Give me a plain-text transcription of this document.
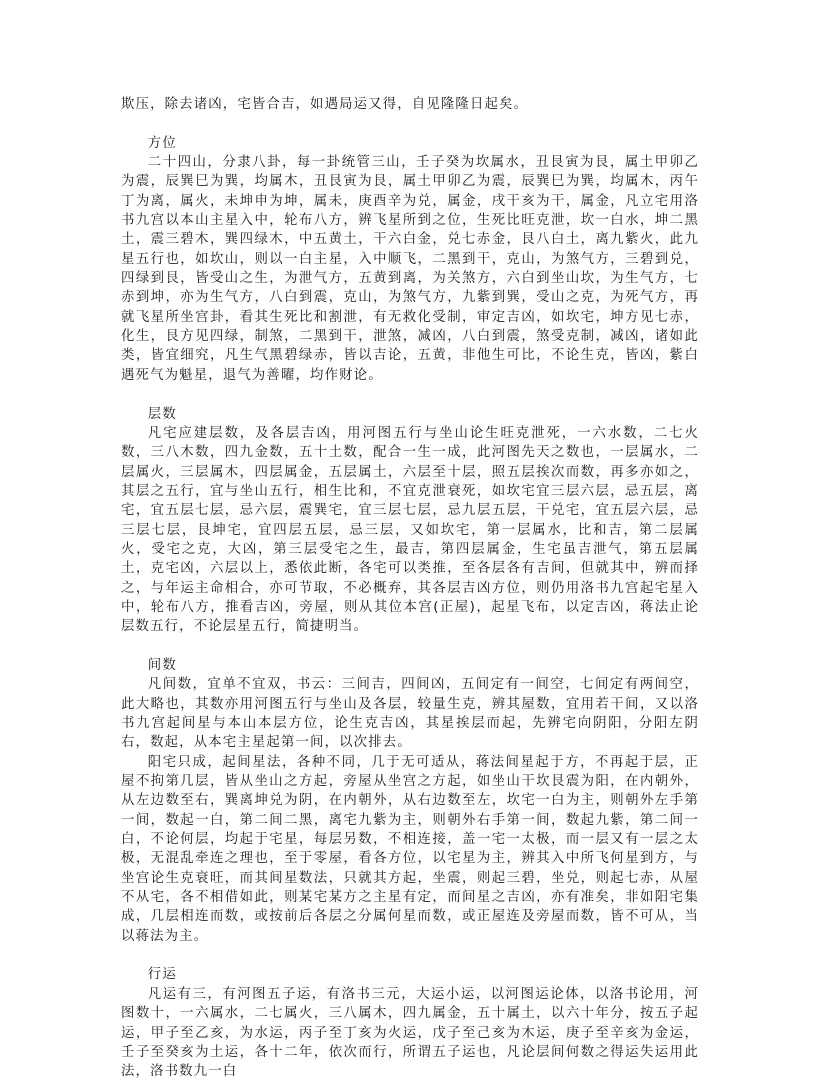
欺压，除去诸凶，宅皆合吉，如遇局运又得，自见隆隆日起矣。

方位

二十四山，分隶八卦，每一卦统管三山，壬子癸为坎属水，丑艮寅为艮，属土甲卯乙为震，辰巽巳为巽，均属木，丑艮寅为艮，属土甲卯乙为震，辰巽巳为巽，均属木，丙午丁为离，属火，未坤申为坤，属未，庚酉辛为兑，属金，戌干亥为干，属金，凡立宅用洛书九宫以本山主星入中，轮布八方，辨飞星所到之位，生死比旺克泄，坎一白水，坤二黑土，震三碧木，巽四绿木，中五黄土，干六白金，兑七赤金，艮八白土，离九紫火，此九星五行也，如坎山，则以一白主星，入中顺飞，二黑到干，克山，为煞气方，三碧到兑，四绿到艮，皆受山之生，为泄气方，五黄到离，为关煞方，六白到坐山坎，为生气方，七赤到坤，亦为生气方，八白到震，克山，为煞气方，九紫到巽，受山之克，为死气方，再就飞星所坐宫卦，看其生死比和割泄，有无救化受制，审定吉凶，如坎宅，坤方见七赤，化生，艮方见四绿，制煞，二黑到干，泄煞，减凶，八白到震，煞受克制，减凶，诸如此类，皆宜细究，凡生气黑碧绿赤，皆以吉论，五黄，非他生可比，不论生克，皆凶，紫白遇死气为魁星，退气为善曜，均作财论。

层数

凡宅应建层数，及各层吉凶，用河图五行与坐山论生旺克泄死，一六水数，二七火数，三八木数，四九金数，五十土数，配合一生一成，此河图先天之数也，一层属水，二层属火，三层属木，四层属金，五层属土，六层至十层，照五层挨次而数，再多亦如之，其层之五行，宜与坐山五行，相生比和，不宜克泄衰死，如坎宅宜三层六层，忌五层，离宅，宜五层七层，忌六层，震巽宅，宜三层七层，忌九层五层，干兑宅，宜五层六层，忌三层七层，艮坤宅，宜四层五层，忌三层，又如坎宅，第一层属水，比和吉，第二层属火，受宅之克，大凶，第三层受宅之生，最吉，第四层属金，生宅虽吉泄气，第五层属土，克宅凶，六层以上，悉依此断，各宅可以类推，至各层各有吉间，但就其中，辨而择之，与年运主命相合，亦可节取，不必概弃，其各层吉凶方位，则仍用洛书九宫起宅星入中，轮布八方，推看吉凶，旁屋，则从其位本宫(正屋)，起星飞布，以定吉凶，蒋法止论层数五行，不论层星五行，简捷明当。

间数

凡间数，宜单不宜双，书云：三间吉，四间凶，五间定有一间空，七间定有两间空，此大略也，其数亦用河图五行与坐山及各层，较量生克，辨其屋数，宜用若干间，又以洛书九宫起间星与本山本层方位，论生克吉凶，其星挨层而起，先辨宅向阴阳，分阳左阴右，数起，从本宅主星起第一间，以次排去。

阳宅只成，起间星法，各种不同，几于无可适从，蒋法间星起于方，不再起于层，正屋不拘第几层，皆从坐山之方起，旁屋从坐宫之方起，如坐山干坎艮震为阳，在内朝外，从左边数至右，巽离坤兑为阴，在内朝外，从右边数至左，坎宅一白为主，则朝外左手第一间，数起一白，第二间二黑，离宅九紫为主，则朝外右手第一间，数起九紫，第二间一白，不论何层，均起于宅星，每层另数，不相连接，盖一宅一太极，而一层又有一层之太极，无混乱牵连之理也，至于零屋，看各方位，以宅星为主，辨其入中所飞何星到方，与坐宫论生克衰旺，而其间星数法，只就其方起，坐震，则起三碧，坐兑，则起七赤，从屋不从宅，各不相借如此，则某宅某方之主星有定，而间星之吉凶，亦有准矣，非如阳宅集成，几层相连而数，或按前后各层之分属何星而数，或正屋连及旁屋而数，皆不可从，当以蒋法为主。

行运

凡运有三，有河图五子运，有洛书三元，大运小运，以河图运论体，以洛书论用，河图数十，一六属水，二七属火，三八属木，四九属金，五十属土，以六十年分，按五子起运，甲子至乙亥，为水运，丙子至丁亥为火运，戊子至己亥为木运，庚子至辛亥为金运，壬子至癸亥为土运，各十二年，依次而行，所谓五子运也，凡论层间何数之得运失运用此法，洛书数九一白
